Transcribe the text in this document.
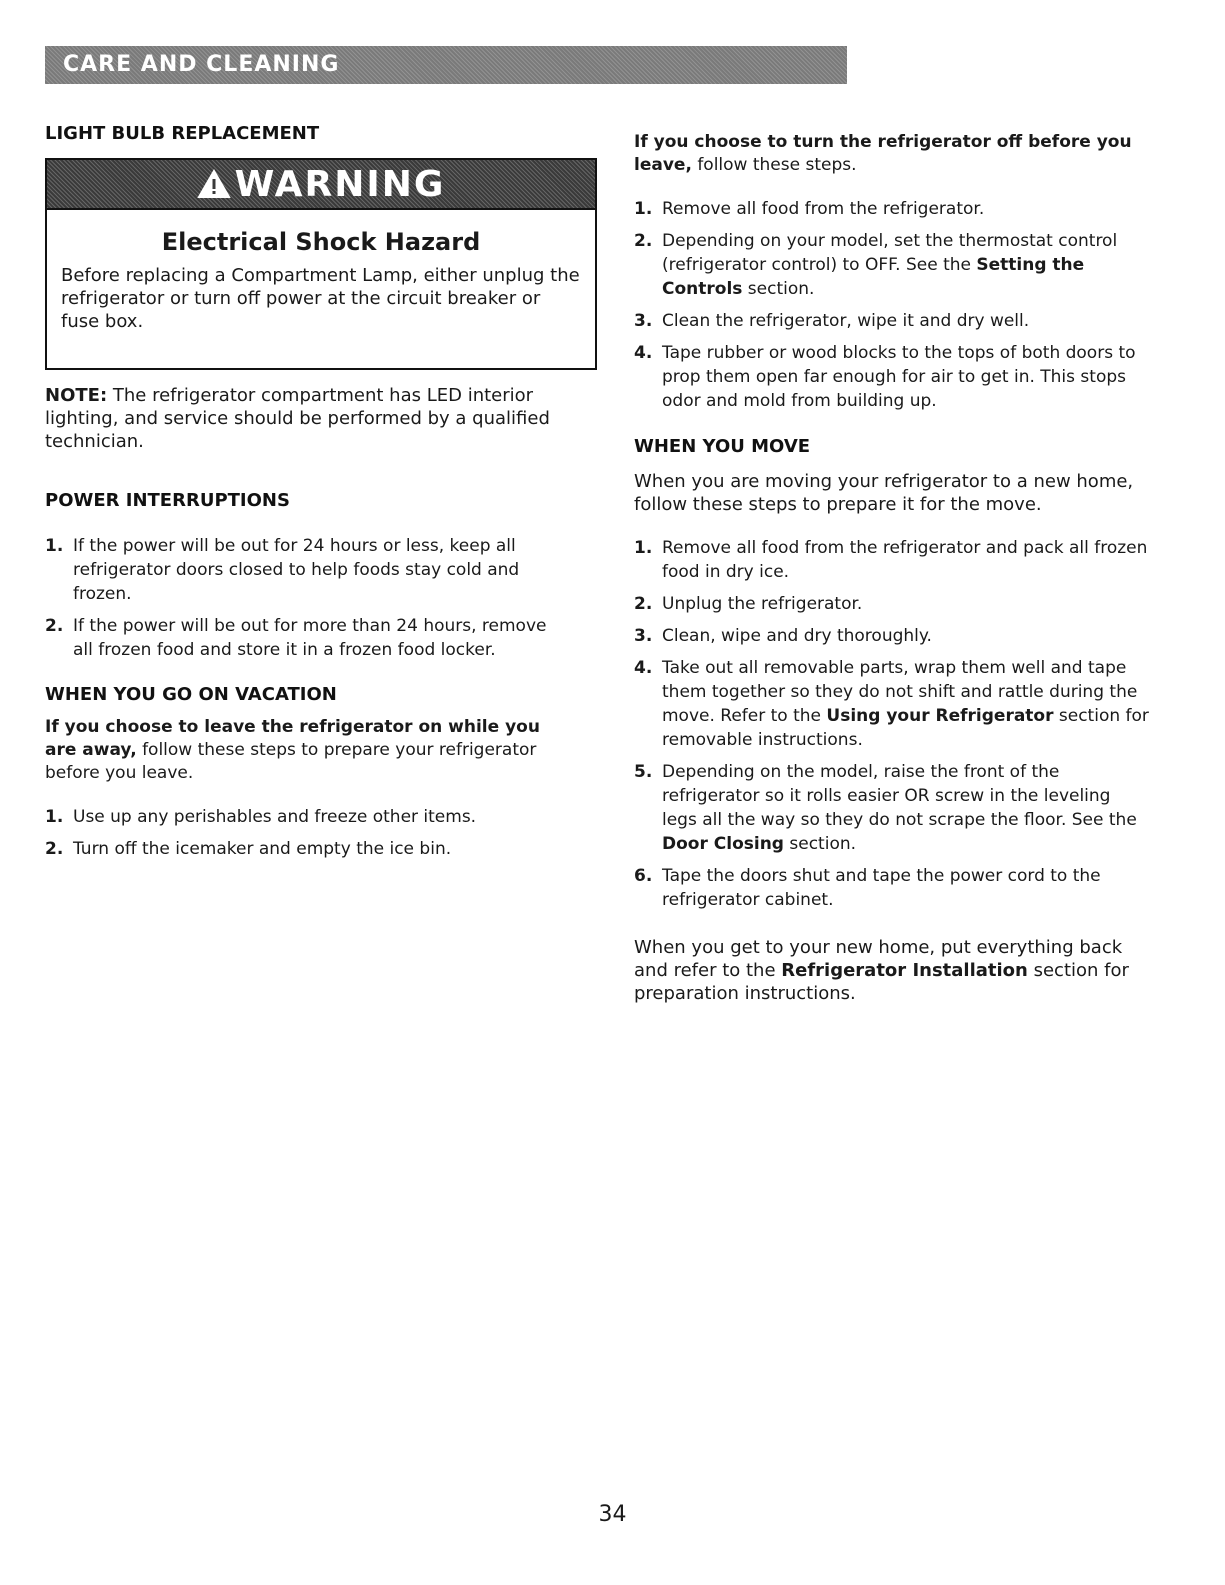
CARE AND CLEANING
LIGHT BULB REPLACEMENT
WARNING
Electrical Shock Hazard

Before replacing a Compartment Lamp, either unplug the refrigerator or turn off power at the circuit breaker or fuse box.

NOTE: The refrigerator compartment has LED interior lighting, and service should be performed by a qualified technician.

POWER INTERRUPTIONS
1. If the power will be out for 24 hours or less, keep all refrigerator doors closed to help foods stay cold and frozen.
2. If the power will be out for more than 24 hours, remove all frozen food and store it in a frozen food locker.
WHEN YOU GO ON VACATION

If you choose to leave the refrigerator on while you are away, follow these steps to prepare your refrigerator before you leave.

1. Use up any perishables and freeze other items.
2. Turn off the icemaker and empty the ice bin.

If you choose to turn the refrigerator off before you leave, follow these steps.

1. Remove all food from the refrigerator.
2. Depending on your model, set the thermostat control (refrigerator control) to OFF. See the Setting the Controls section.
3. Clean the refrigerator, wipe it and dry well.
4. Tape rubber or wood blocks to the tops of both doors to prop them open far enough for air to get in. This stops odor and mold from building up.
WHEN YOU MOVE

When you are moving your refrigerator to a new home, follow these steps to prepare it for the move.

1. Remove all food from the refrigerator and pack all frozen food in dry ice.
2. Unplug the refrigerator.
3. Clean, wipe and dry thoroughly.
4. Take out all removable parts, wrap them well and tape them together so they do not shift and rattle during the move. Refer to the Using your Refrigerator section for removable instructions.
5. Depending on the model, raise the front of the refrigerator so it rolls easier OR screw in the leveling legs all the way so they do not scrape the floor. See the Door Closing section.
6. Tape the doors shut and tape the power cord to the refrigerator cabinet.

When you get to your new home, put everything back and refer to the Refrigerator Installation section for preparation instructions.

34
